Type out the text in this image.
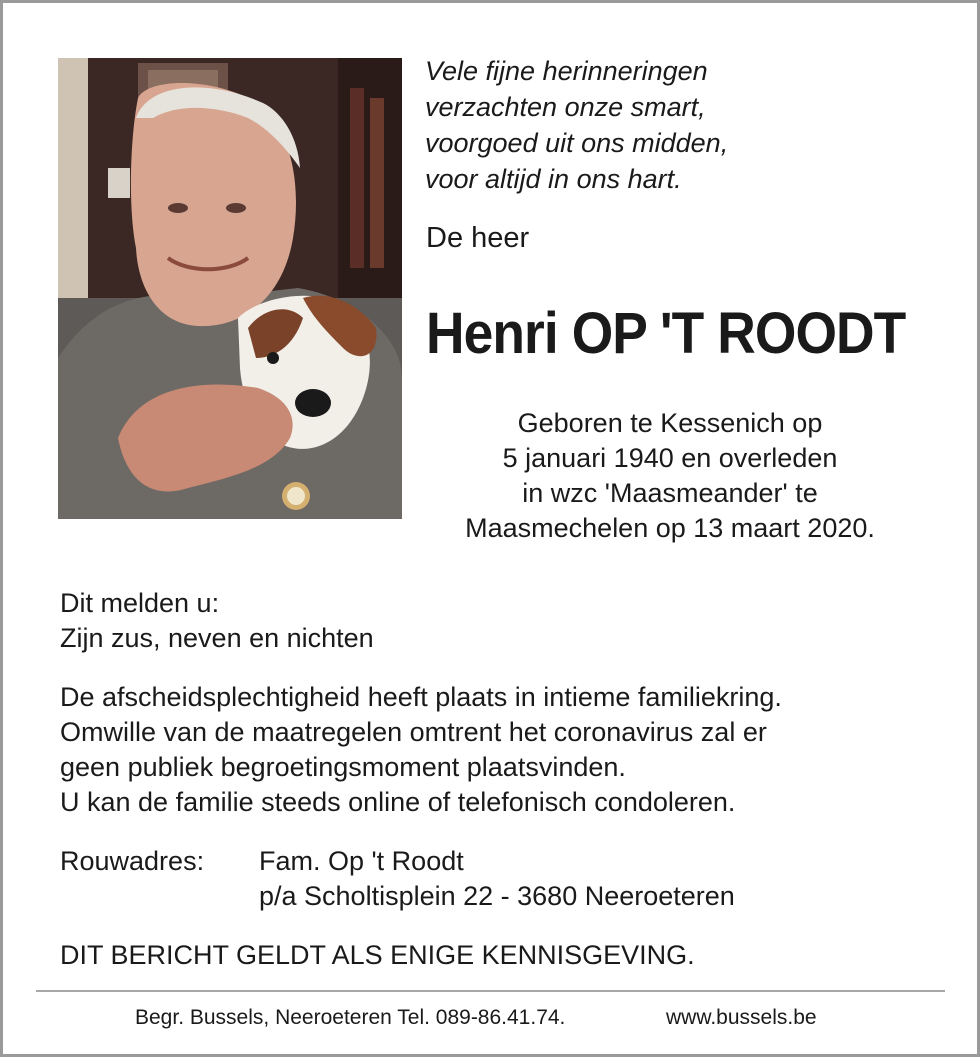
Vele fijne herinneringen
verzachten onze smart,
voorgoed uit ons midden,
voor altijd in ons hart.
De heer
Henri OP 'T ROODT
Geboren te Kessenich op
5 januari 1940 en overleden
in wzc 'Maasmeander' te
Maasmechelen op 13 maart 2020.
Dit melden u:
Zijn zus, neven en nichten
De afscheidsplechtigheid heeft plaats in intieme familiekring.
Omwille van de maatregelen omtrent het coronavirus zal er
geen publiek begroetingsmoment plaatsvinden.
U kan de familie steeds online of telefonisch condoleren.
Rouwadres: Fam. Op 't Roodt
p/a Scholtisplein 22 - 3680 Neeroeteren
DIT BERICHT GELDT ALS ENIGE KENNISGEVING.
Begr. Bussels, Neeroeteren Tel. 089-86.41.74.	www.bussels.be
